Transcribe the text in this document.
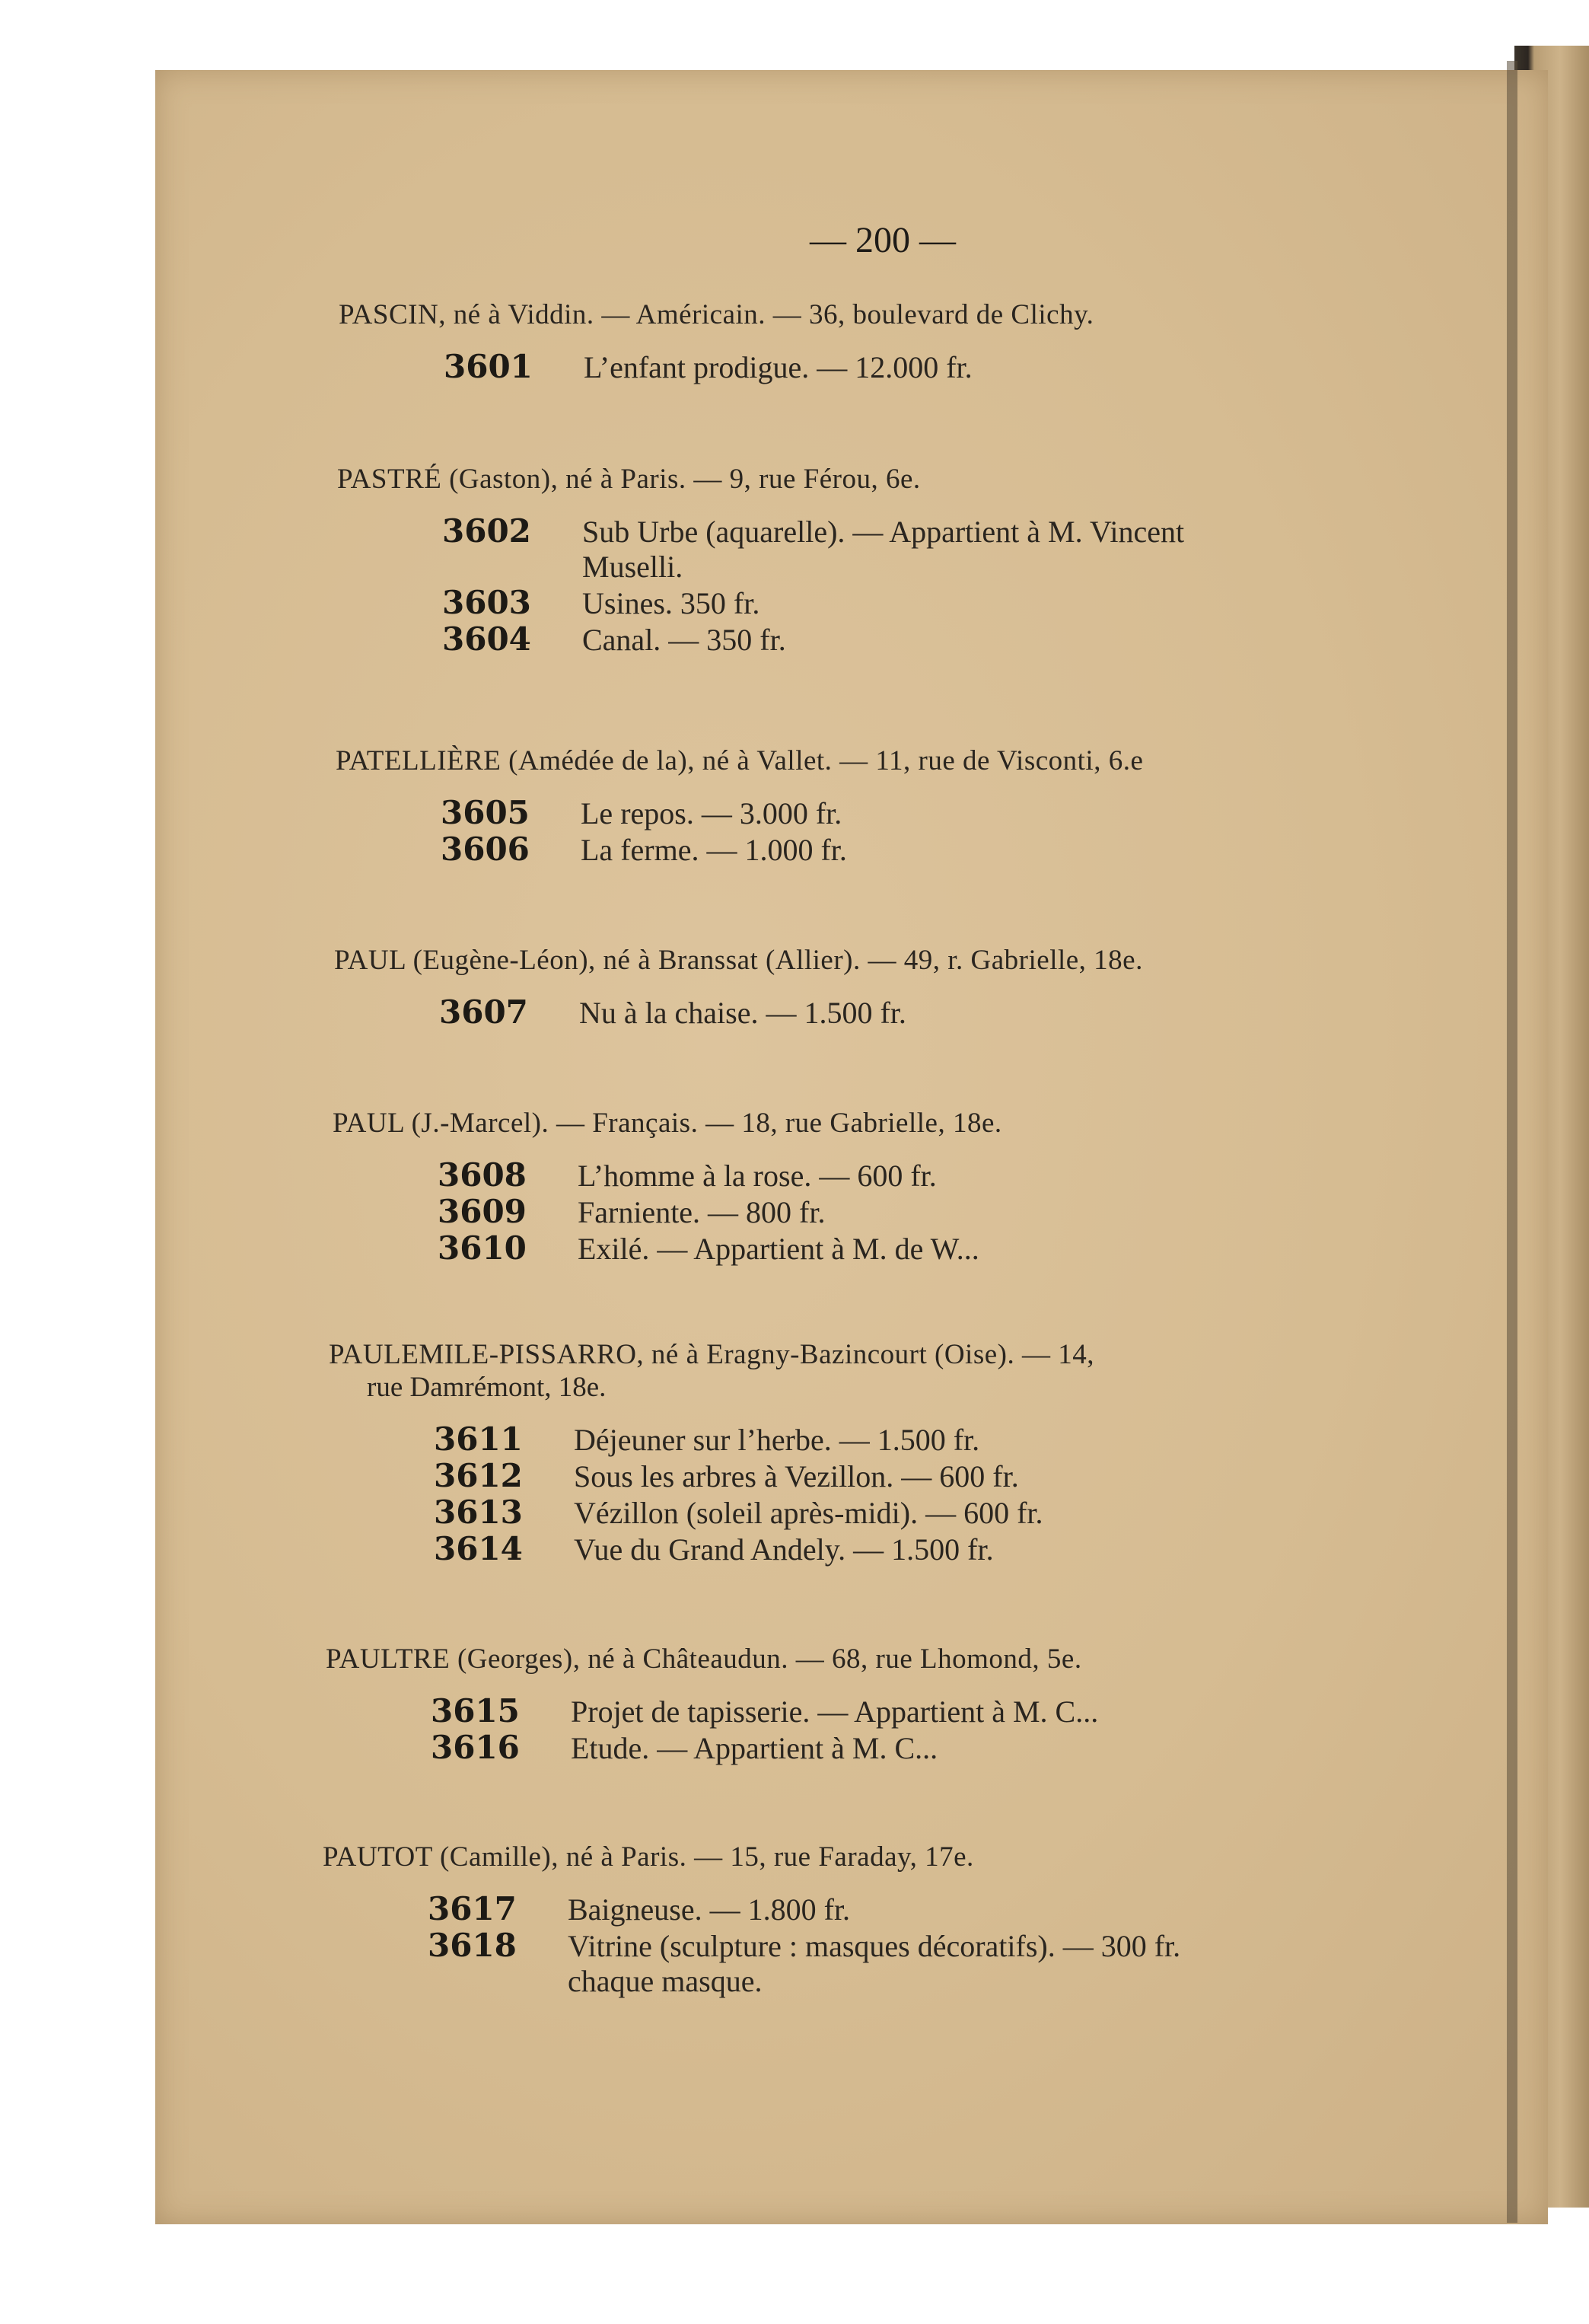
— 200 —
PASCIN, né à Viddin. — Américain. — 36, boulevard de Clichy.
3601 L’enfant prodigue. — 12.000 fr.
PASTRÉ (Gaston), né à Paris. — 9, rue Férou, 6e.
3602 Sub Urbe (aquarelle). — Appartient à M. Vincent
Muselli.
3603 Usines. 350 fr.
3604 Canal. — 350 fr.
PATELLIÈRE (Amédée de la), né à Vallet. — 11, rue de Visconti, 6.e
3605 Le repos. — 3.000 fr.
3606 La ferme. — 1.000 fr.
PAUL (Eugène-Léon), né à Branssat (Allier). — 49, r. Gabrielle, 18e.
3607 Nu à la chaise. — 1.500 fr.
PAUL (J.-Marcel). — Français. — 18, rue Gabrielle, 18e.
3608 L’homme à la rose. — 600 fr.
3609 Farniente. — 800 fr.
3610 Exilé. — Appartient à M. de W...
PAULEMILE-PISSARRO, né à Eragny-Bazincourt (Oise). — 14,
rue Damrémont, 18e.
3611 Déjeuner sur l’herbe. — 1.500 fr.
3612 Sous les arbres à Vezillon. — 600 fr.
3613 Vézillon (soleil après-midi). — 600 fr.
3614 Vue du Grand Andely. — 1.500 fr.
PAULTRE (Georges), né à Châteaudun. — 68, rue Lhomond, 5e.
3615 Projet de tapisserie. — Appartient à M. C...
3616 Etude. — Appartient à M. C...
PAUTOT (Camille), né à Paris. — 15, rue Faraday, 17e.
3617 Baigneuse. — 1.800 fr.
3618 Vitrine (sculpture : masques décoratifs). — 300 fr.
chaque masque.
